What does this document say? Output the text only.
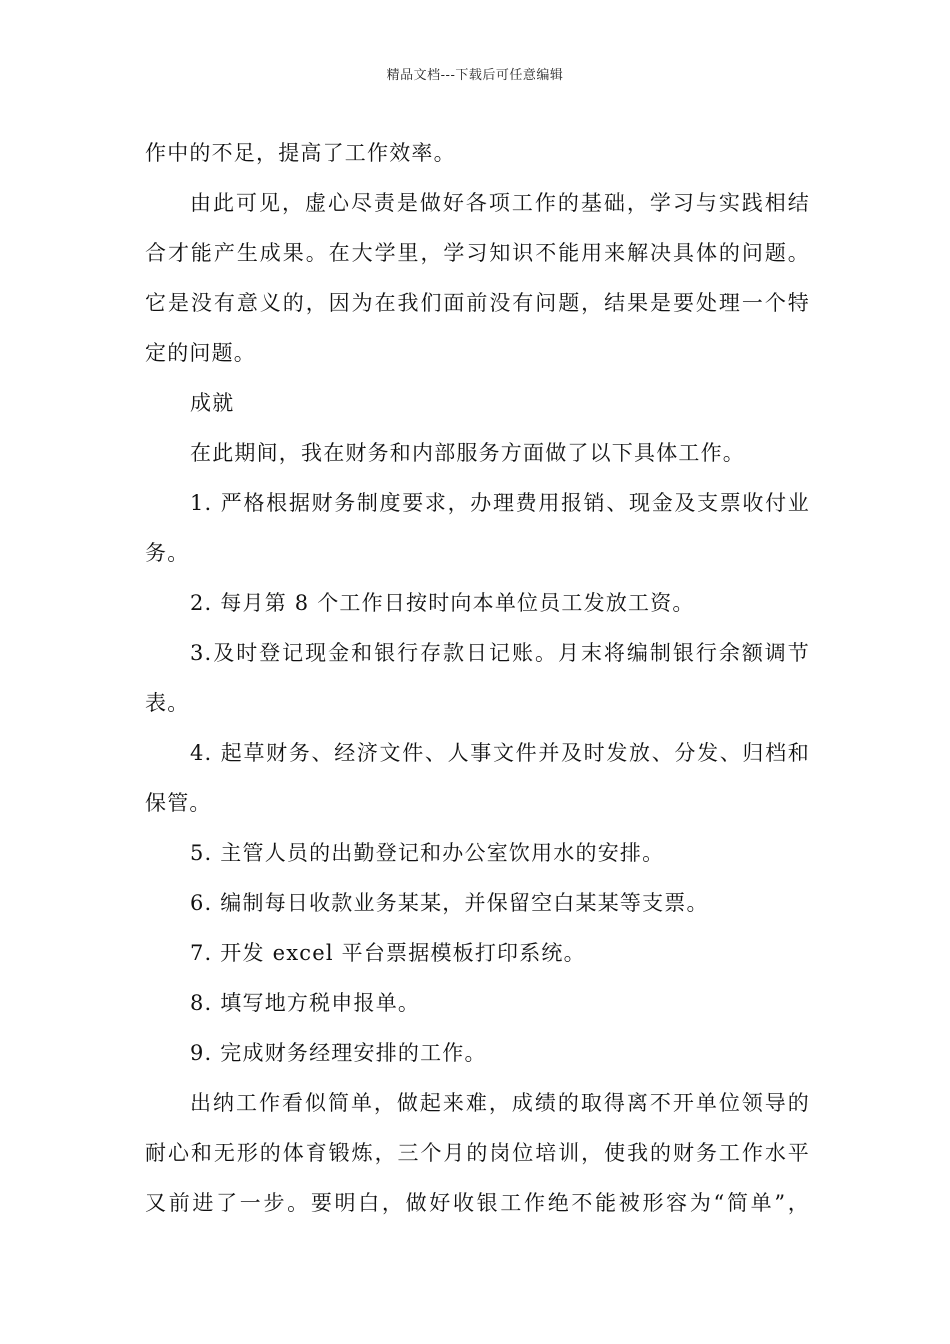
精品文档---下载后可任意编辑
作中的不足，提高了工作效率。
由此可见，虚心尽责是做好各项工作的基础，学习与实践相结
合才能产生成果。在大学里，学习知识不能用来解决具体的问题。
它是没有意义的，因为在我们面前没有问题，结果是要处理一个特
定的问题。
成就
在此期间，我在财务和内部服务方面做了以下具体工作。
1. 严格根据财务制度要求，办理费用报销、现金及支票收付业
务。
2. 每月第 8 个工作日按时向本单位员工发放工资。
3.及时登记现金和银行存款日记账。月末将编制银行余额调节
表。
4. 起草财务、经济文件、人事文件并及时发放、分发、归档和
保管。
5. 主管人员的出勤登记和办公室饮用水的安排。
6. 编制每日收款业务某某，并保留空白某某等支票。
7. 开发 excel 平台票据模板打印系统。
8. 填写地方税申报单。
9. 完成财务经理安排的工作。
出纳工作看似简单，做起来难，成绩的取得离不开单位领导的
耐心和无形的体育锻炼，三个月的岗位培训，使我的财务工作水平
又前进了一步。要明白，做好收银工作绝不能被形容为“简单”，
